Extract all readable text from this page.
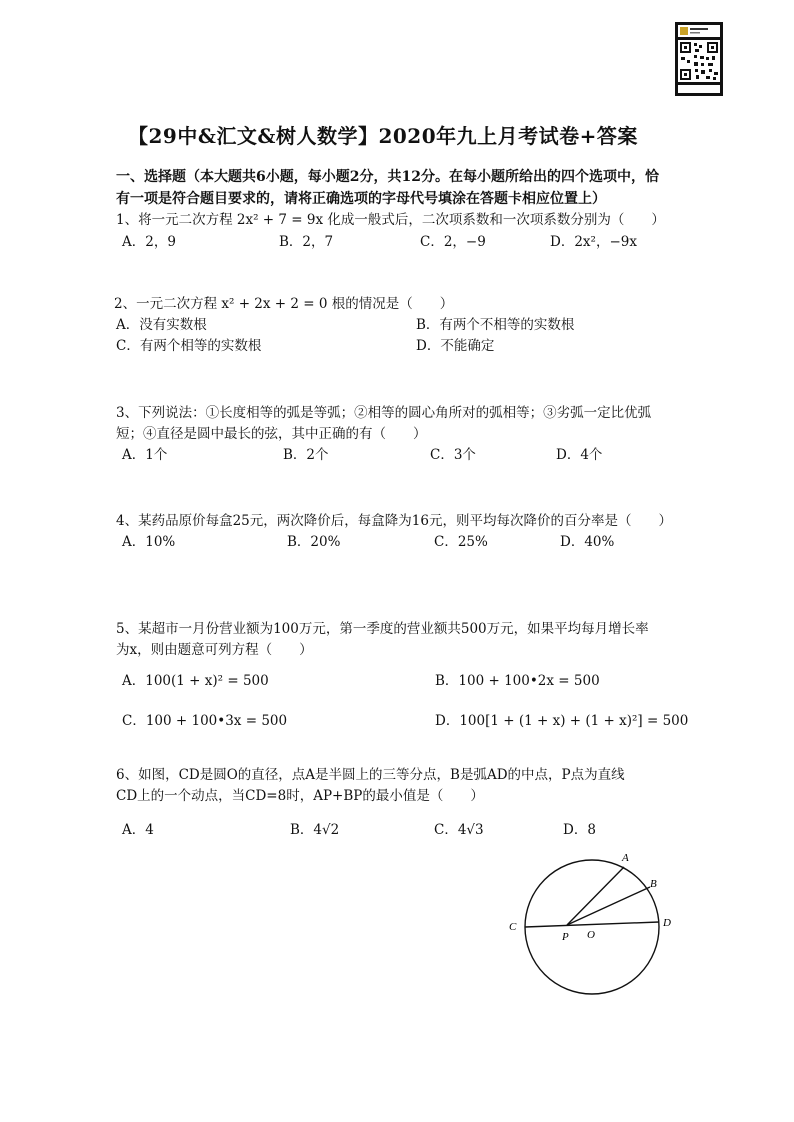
【29中&汇文&树人数学】2020年九上月考试卷+答案
一、选择题（本大题共6小题，每小题2分，共12分。在每小题所给出的四个选项中，恰
有一项是符合题目要求的，请将正确选项的字母代号填涂在答题卡相应位置上）
1、将一元二次方程 2x² + 7 = 9x 化成一般式后，二次项系数和一次项系数分别为（　　）
A．2，9	B．2，7	C．2，−9	D．2x²，−9x
2、一元二次方程 x² + 2x + 2 = 0 根的情况是（　　）
A．没有实数根	B．有两个不相等的实数根
C．有两个相等的实数根	D．不能确定
3、下列说法：①长度相等的弧是等弧；②相等的圆心角所对的弧相等；③劣弧一定比优弧
短；④直径是圆中最长的弦，其中正确的有（　　）
A．1个	B．2个	C．3个	D．4个
4、某药品原价每盒25元，两次降价后，每盒降为16元，则平均每次降价的百分率是（　　）
A．10%	B．20%	C．25%	D．40%
5、某超市一月份营业额为100万元，第一季度的营业额共500万元，如果平均每月增长率
为x，则由题意可列方程（　　）
A．100(1 + x)² = 500	B．100 + 100•2x = 500
C．100 + 100•3x = 500	D．100[1 + (1 + x) + (1 + x)²] = 500
6、如图，CD是圆O的直径，点A是半圆上的三等分点，B是弧AD的中点，P点为直线
CD上的一个动点，当CD=8时，AP+BP的最小值是（　　）
A．4	B．4√2	C．4√3	D．8
A
B
C	D
P O
